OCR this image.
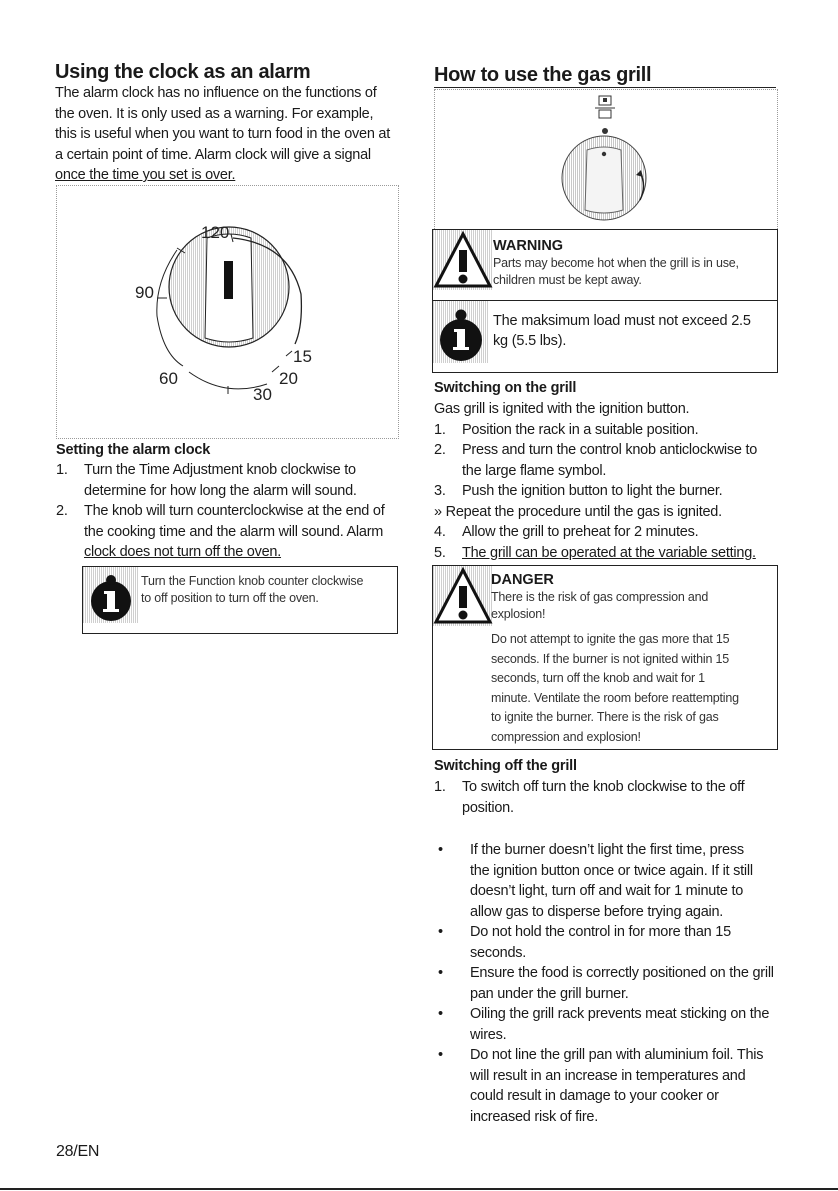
Using the clock as an alarm

The alarm clock has no influence on the functions of

the oven. It is only used as a warning. For example,

this is useful when you want to turn food in the oven at

a certain point of time. Alarm clock will give a signal

once the time you set is over.

120
90
60
30
20
15
Setting the alarm clock
1. Turn the Time Adjustment knob clockwise to

determine for how long the alarm will sound.

2. The knob will turn counterclockwise at the end of

the cooking time and the alarm will sound. Alarm

clock does not turn off the oven.

Turn the Function knob counter clockwise
to off position to turn off the oven.
How to use the gas grill
WARNING
Parts may become hot when the grill is in use,
children must be kept away.
The maksimum load must not exceed 2.5
kg (5.5 lbs).
Switching on the grill

Gas grill is ignited with the ignition button.

1. Position the rack in a suitable position.

2. Press and turn the control knob anticlockwise to

the large flame symbol.

3. Push the ignition button to light the burner.

» Repeat the procedure until the gas is ignited.

4. Allow the grill to preheat for 2 minutes.

5. The grill can be operated at the variable setting.

DANGER
There is the risk of gas compression and
explosion!
Do not attempt to ignite the gas more that 15
seconds. If the burner is not ignited within 15
seconds, turn off the knob and wait for 1
minute. Ventilate the room before reattempting
to ignite the burner. There is the risk of gas
compression and explosion!
Switching off the grill
1. To switch off turn the knob clockwise to the off

position.

• If the burner doesn’t light the first time, press

the ignition button once or twice again. If it still

doesn’t light, turn off and wait for 1 minute to

allow gas to disperse before trying again.

• Do not hold the control in for more than 15

seconds.

• Ensure the food is correctly positioned on the grill

pan under the grill burner.

• Oiling the grill rack prevents meat sticking on the

wires.

• Do not line the grill pan with aluminium foil. This

will result in an increase in temperatures and

could result in damage to your cooker or

increased risk of fire.

28/EN
